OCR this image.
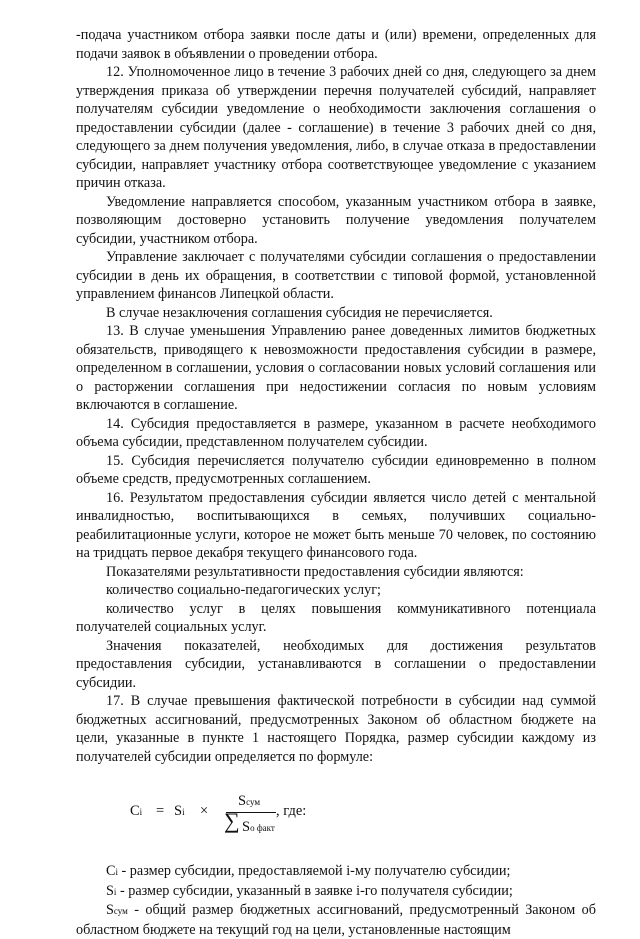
-подача участником отбора заявки после даты и (или) времени, определенных для подачи заявок в объявлении о проведении отбора.

12. Уполномоченное лицо в течение 3 рабочих дней со дня, следующего за днем утверждения приказа об утверждении перечня получателей субсидий, направляет получателям субсидии уведомление о необходимости заключения соглашения о предоставлении субсидии (далее - соглашение) в течение 3 рабочих дней со дня, следующего за днем получения уведомления, либо, в случае отказа в предоставлении субсидии, направляет участнику отбора соответствующее уведомление с указанием причин отказа.

Уведомление направляется способом, указанным участником отбора в заявке, позволяющим достоверно установить получение уведомления получателем субсидии, участником отбора.

Управление заключает с получателями субсидии соглашения о предоставлении субсидии в день их обращения, в соответствии с типовой формой, установленной управлением финансов Липецкой области.

В случае незаключения соглашения субсидия не перечисляется.

13. В случае уменьшения Управлению ранее доведенных лимитов бюджетных обязательств, приводящего к невозможности предоставления субсидии в размере, определенном в соглашении, условия о согласовании новых условий соглашения или о расторжении соглашения при недостижении согласия по новым условиям включаются в соглашение.

14. Субсидия предоставляется в размере, указанном в расчете необходимого объема субсидии, представленном получателем субсидии.

15. Субсидия перечисляется получателю субсидии единовременно в полном объеме средств, предусмотренных соглашением.

16. Результатом предоставления субсидии является число детей с ментальной инвалидностью, воспитывающихся в семьях, получивших социально-реабилитационные услуги, которое не может быть меньше 70 человек, по состоянию на тридцать первое декабря текущего финансового года.

Показателями результативности предоставления субсидии являются:

количество социально-педагогических услуг;

количество услуг в целях повышения коммуникативного потенциала получателей социальных услуг.

Значения показателей, необходимых для достижения результатов предоставления субсидии, устанавливаются в соглашении о предоставлении субсидии.

17. В случае превышения фактической потребности в субсидии над суммой бюджетных ассигнований, предусмотренных Законом об областном бюджете на цели, указанные в пункте 1 настоящего Порядка, размер субсидии каждому из получателей субсидии определяется по формуле:

Ci = Si ×
Sсум
∑ Sо факт
, где:

Ci - размер субсидии, предоставляемой i-му получателю субсидии;

Si - размер субсидии, указанный в заявке i-го получателя субсидии;

Sсум - общий размер бюджетных ассигнований, предусмотренный Законом об областном бюджете на текущий год на цели, установленные настоящим
